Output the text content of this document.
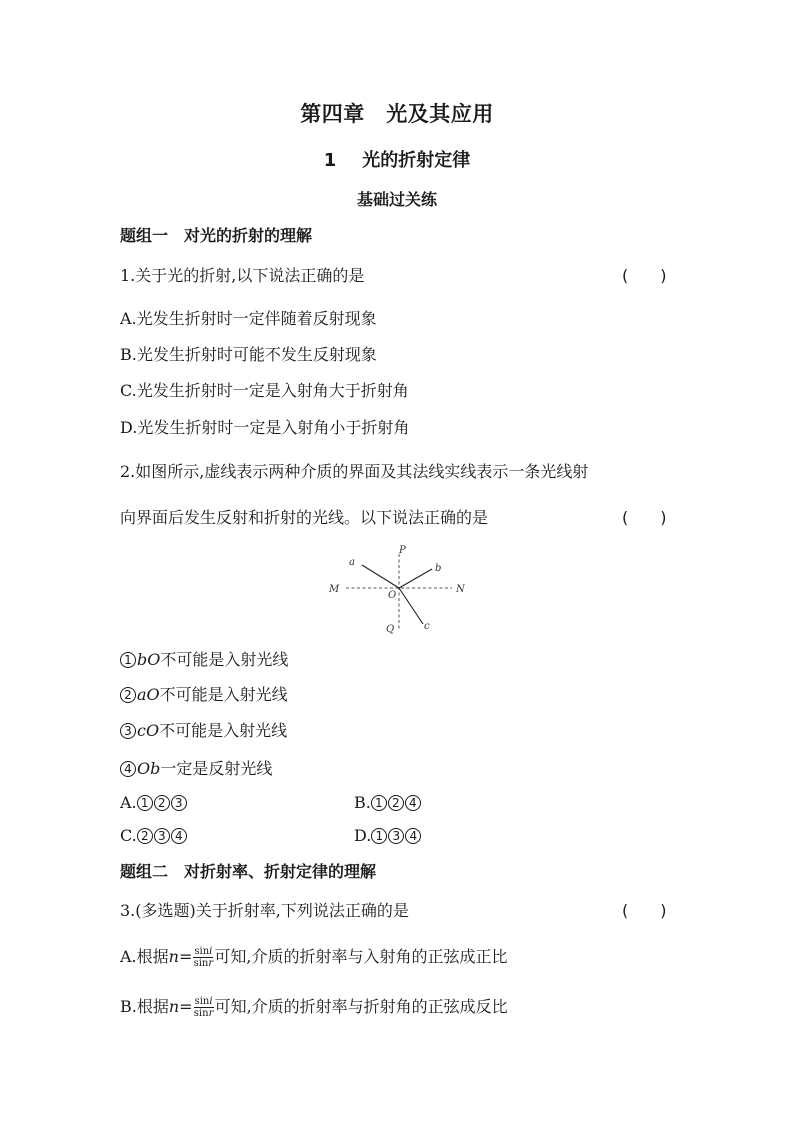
第四章　光及其应用
1 光的折射定律
基础过关练
题组一　对光的折射的理解
1.关于光的折射,以下说法正确的是	(　　)
A.光发生折射时一定伴随着反射现象
B.光发生折射时可能不发生反射现象
C.光发生折射时一定是入射角大于折射角
D.光发生折射时一定是入射角小于折射角
2.如图所示,虚线表示两种介质的界面及其法线实线表示一条光线射
向界面后发生反射和折射的光线。以下说法正确的是	(　　)
P
Q
M	N
O
a
b
c
1 bO不可能是入射光线
2 aO不可能是入射光线
3 cO不可能是入射光线
4 Ob一定是反射光线
A. 1 2 3	B. 1 2 4
C. 2 3 4	D. 1 3 4
题组二　对折射率、折射定律的理解
3.(多选题)关于折射率,下列说法正确的是	(　　)
A.根据$n= \frac{\sin i}{\sin r}$ 可知,介质的折射率与入射角的正弦成正比
B.根据$n= \frac{\sin i}{\sin r}$ 可知,介质的折射率与折射角的正弦成反比
